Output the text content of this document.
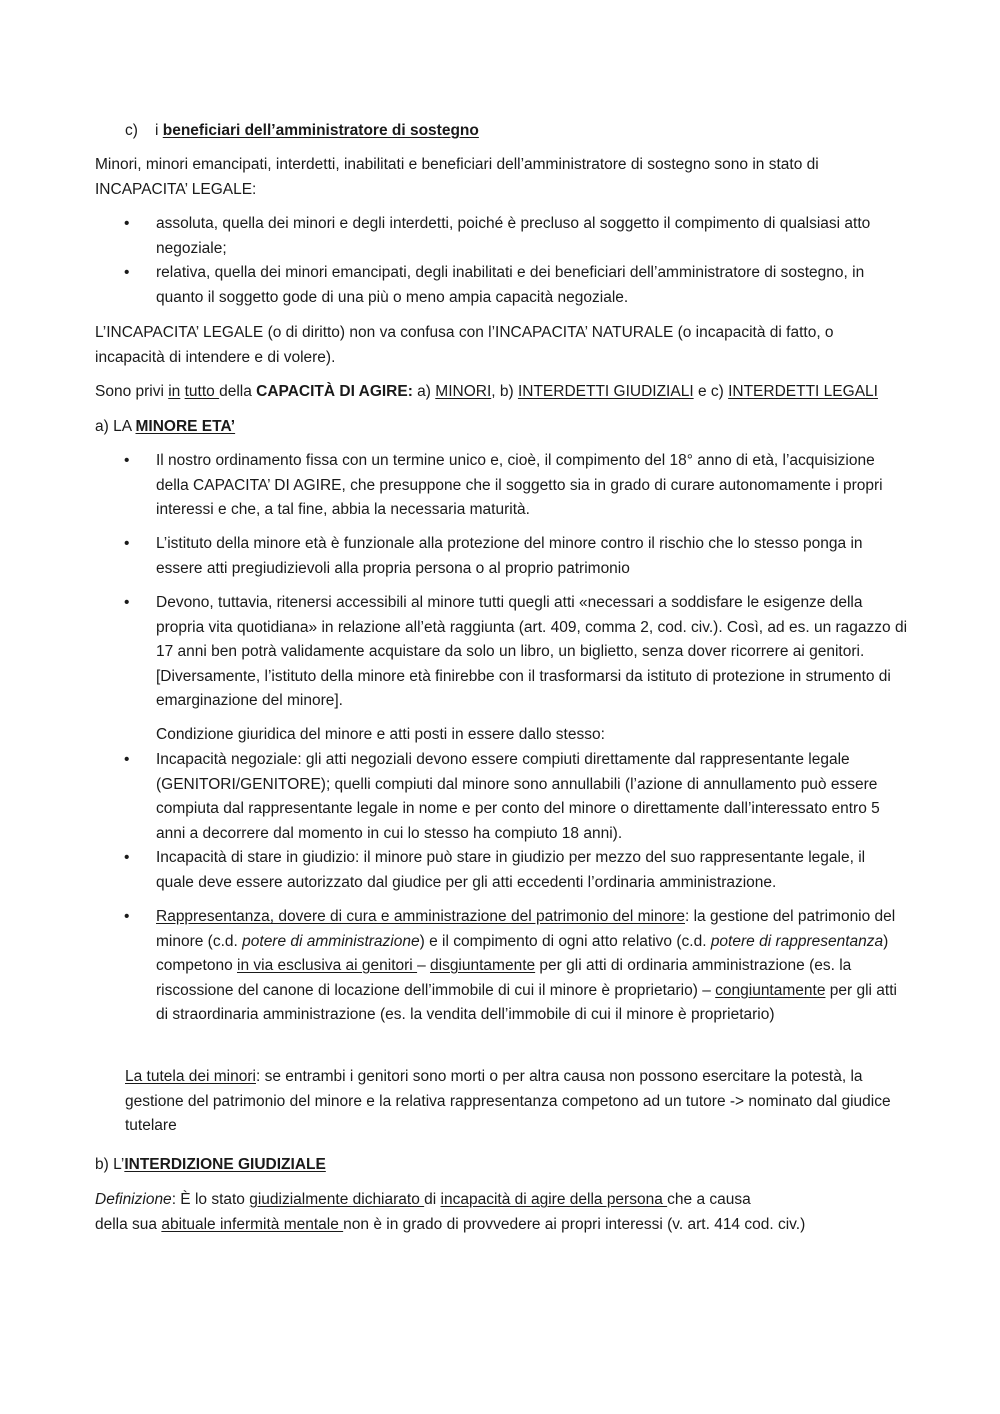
c) i beneficiari dell’amministratore di sostegno

Minori, minori emancipati, interdetti, inabilitati e beneficiari dell’amministratore di sostegno sono in stato di INCAPACITA’ LEGALE:

• assoluta, quella dei minori e degli interdetti, poiché è precluso al soggetto il compimento di qualsiasi atto negoziale;
• relativa, quella dei minori emancipati, degli inabilitati e dei beneficiari dell’amministratore di sostegno, in quanto il soggetto gode di una più o meno ampia capacità negoziale.

L’INCAPACITA’ LEGALE (o di diritto) non va confusa con l’INCAPACITA’ NATURALE (o incapacità di fatto, o incapacità di intendere e di volere).

Sono privi in tutto della CAPACITÀ DI AGIRE: a) MINORI, b) INTERDETTI GIUDIZIALI e c) INTERDETTI LEGALI

a) LA MINORE ETA’

• Il nostro ordinamento fissa con un termine unico e, cioè, il compimento del 18° anno di età, l’acquisizione della CAPACITA’ DI AGIRE, che presuppone che il soggetto sia in grado di curare autonomamente i propri interessi e che, a tal fine, abbia la necessaria maturità.
• L’istituto della minore età è funzionale alla protezione del minore contro il rischio che lo stesso ponga in essere atti pregiudizievoli alla propria persona o al proprio patrimonio
• Devono, tuttavia, ritenersi accessibili al minore tutti quegli atti «necessari a soddisfare le esigenze della propria vita quotidiana» in relazione all’età raggiunta (art. 409, comma 2, cod. civ.). Così, ad es. un ragazzo di 17 anni ben potrà validamente acquistare da solo un libro, un biglietto, senza dover ricorrere ai genitori. [Diversamente, l’istituto della minore età finirebbe con il trasformarsi da istituto di protezione in strumento di emarginazione del minore].

Condizione giuridica del minore e atti posti in essere dallo stesso:

• Incapacità negoziale: gli atti negoziali devono essere compiuti direttamente dal rappresentante legale (GENITORI/GENITORE); quelli compiuti dal minore sono annullabili (l’azione di annullamento può essere compiuta dal rappresentante legale in nome e per conto del minore o direttamente dall’interessato entro 5 anni a decorrere dal momento in cui lo stesso ha compiuto 18 anni).
• Incapacità di stare in giudizio: il minore può stare in giudizio per mezzo del suo rappresentante legale, il quale deve essere autorizzato dal giudice per gli atti eccedenti l’ordinaria amministrazione.
• Rappresentanza, dovere di cura e amministrazione del patrimonio del minore: la gestione del patrimonio del minore (c.d. potere di amministrazione) e il compimento di ogni atto relativo (c.d. potere di rappresentanza) competono in via esclusiva ai genitori – disgiuntamente per gli atti di ordinaria amministrazione (es. la riscossione del canone di locazione dell’immobile di cui il minore è proprietario) – congiuntamente per gli atti di straordinaria amministrazione (es. la vendita dell’immobile di cui il minore è proprietario)

La tutela dei minori: se entrambi i genitori sono morti o per altra causa non possono esercitare la potestà, la gestione del patrimonio del minore e la relativa rappresentanza competono ad un tutore -> nominato dal giudice tutelare

b) L’INTERDIZIONE GIUDIZIALE

Definizione: È lo stato giudizialmente dichiarato di incapacità di agire della persona che a causa
della sua abituale infermità mentale non è in grado di provvedere ai propri interessi (v. art. 414 cod. civ.)
